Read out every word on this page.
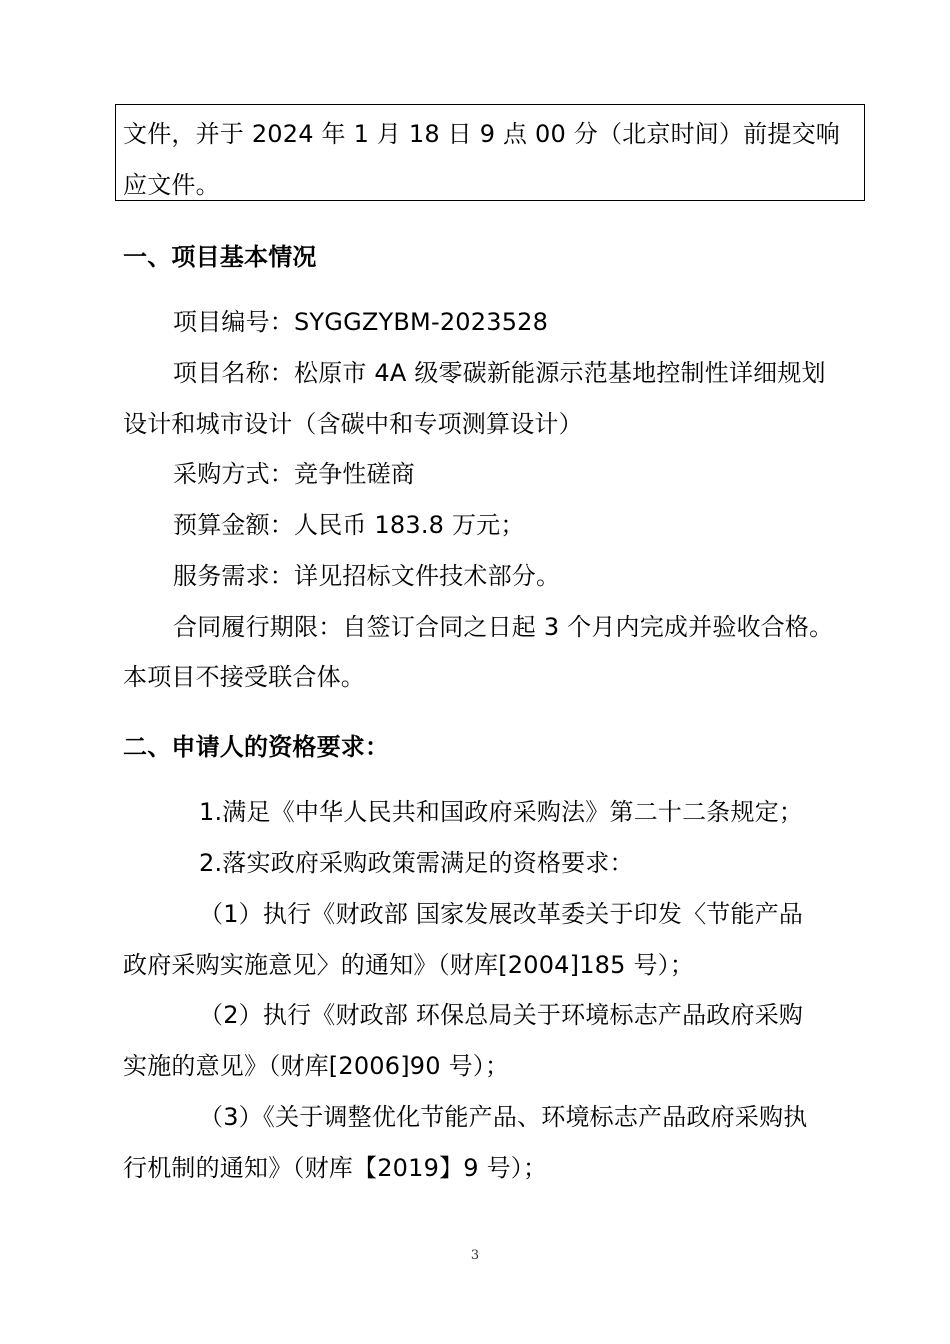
文件，并于 2024 年 1 月 18 日 9 点 00 分（北京时间）前提交响
应文件。
一、项目基本情况
项目编号：SYGGZYBM-2023528
项目名称：松原市 4A 级零碳新能源示范基地控制性详细规划
设计和城市设计（含碳中和专项测算设计）
采购方式：竞争性磋商
预算金额：人民币 183.8 万元；
服务需求：详见招标文件技术部分。
合同履行期限：自签订合同之日起 3 个月内完成并验收合格。
本项目不接受联合体。
二、申请人的资格要求：
1.满足《中华人民共和国政府采购法》第二十二条规定；
2.落实政府采购政策需满足的资格要求：
（1）执行《财政部 国家发展改革委关于印发〈节能产品
政府采购实施意见〉的通知》（财库[2004]185 号）；
（2）执行《财政部 环保总局关于环境标志产品政府采购
实施的意见》（财库[2006]90 号）；
（3）《关于调整优化节能产品、环境标志产品政府采购执
行机制的通知》（财库【2019】9 号）；
3
